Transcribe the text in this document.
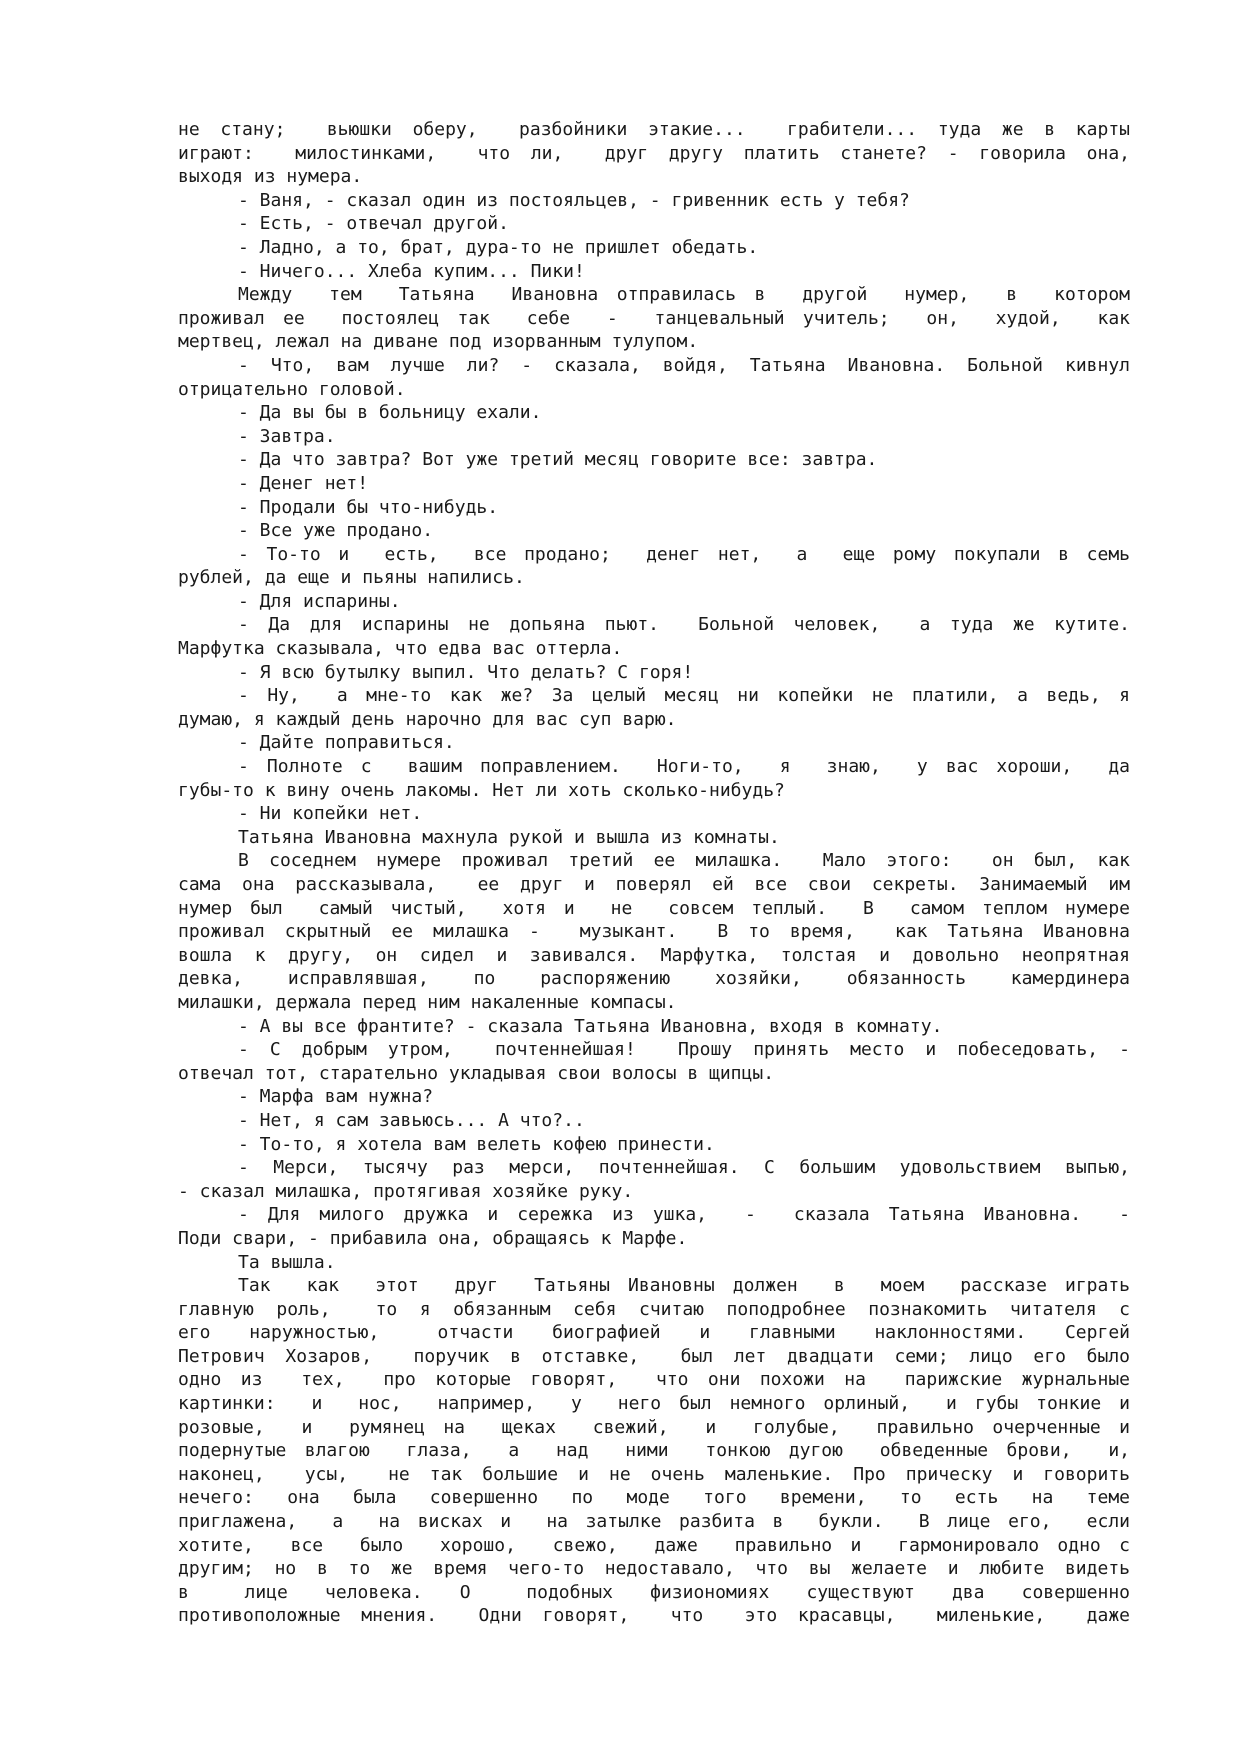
не стану;  вьюшки оберу,  разбойники этакие...  грабители... туда же в карты
играют:  милостинками,  что ли,  друг другу платить станете? - говорила она,
выходя из нумера.
- Ваня, - сказал один из постояльцев, - гривенник есть у тебя?
- Есть, - отвечал другой.
- Ладно, а то, брат, дура-то не пришлет обедать.
- Ничего... Хлеба купим... Пики!
Между  тем  Татьяна  Ивановна отправилась в  другой  нумер,  в  котором
проживал ее  постоялец так  себе  -  танцевальный учитель;  он,  худой,  как
мертвец, лежал на диване под изорванным тулупом.
- Что, вам лучше ли? - сказала, войдя, Татьяна Ивановна. Больной кивнул
отрицательно головой.
- Да вы бы в больницу ехали.
- Завтра.
- Да что завтра? Вот уже третий месяц говорите все: завтра.
- Денег нет!
- Продали бы что-нибудь.
- Все уже продано.
- То-то и  есть,  все продано;  денег нет,  а  еще рому покупали в семь
рублей, да еще и пьяны напились.
- Для испарины.
- Да для испарины не допьяна пьют.  Больной человек,  а туда же кутите.
Марфутка сказывала, что едва вас оттерла.
- Я всю бутылку выпил. Что делать? С горя!
- Ну,  а мне-то как же? За целый месяц ни копейки не платили, а ведь, я
думаю, я каждый день нарочно для вас суп варю.
- Дайте поправиться.
- Полноте с  вашим поправлением.  Ноги-то,  я  знаю,  у вас хороши,  да
губы-то к вину очень лакомы. Нет ли хоть сколько-нибудь?
- Ни копейки нет.
Татьяна Ивановна махнула рукой и вышла из комнаты.
В соседнем нумере проживал третий ее милашка.  Мало этого:  он был, как
сама она рассказывала,  ее друг и поверял ей все свои секреты. Занимаемый им
нумер был  самый чистый,  хотя и  не  совсем теплый.  В  самом теплом нумере
проживал скрытный ее милашка -  музыкант.  В то время,  как Татьяна Ивановна
вошла к другу, он сидел и завивался. Марфутка, толстая и довольно неопрятная
девка,  исправлявшая,  по  распоряжению  хозяйки,  обязанность  камердинера
милашки, держала перед ним накаленные компасы.
- А вы все франтите? - сказала Татьяна Ивановна, входя в комнату.
- С добрым утром,  почтеннейшая!  Прошу принять место и побеседовать, -
отвечал тот, старательно укладывая свои волосы в щипцы.
- Марфа вам нужна?
- Нет, я сам завьюсь... А что?..
- То-то, я хотела вам велеть кофею принести.
- Мерси, тысячу раз мерси, почтеннейшая. С большим удовольствием выпью,
- сказал милашка, протягивая хозяйке руку.
- Для милого дружка и сережка из ушка,  -  сказала Татьяна Ивановна.  -
Поди свари, - прибавила она, обращаясь к Марфе.
Та вышла.
Так  как  этот  друг  Татьяны Ивановны должен  в  моем  рассказе играть
главную роль,  то я обязанным себя считаю поподробнее познакомить читателя с
его  наружностью,   отчасти  биографией  и  главными  наклонностями.  Сергей
Петрович Хозаров,  поручик в отставке,  был лет двадцати семи; лицо его было
одно из  тех,  про которые говорят,  что они похожи на  парижские журнальные
картинки:  и  нос,  например,  у  него был немного орлиный,  и губы тонкие и
розовые,  и  румянец на  щеках  свежий,  и  голубые,  правильно очерченные и
подернутые влагою  глаза,  а  над  ними  тонкою дугою  обведенные брови,  и,
наконец,  усы,  не так большие и не очень маленькие. Про прическу и говорить
нечего:  она  была  совершенно  по  моде  того  времени,  то  есть  на  теме
приглажена,  а  на висках и  на затылке разбита в  букли.  В лице его,  если
хотите,  все  было  хорошо,  свежо,  даже  правильно и  гармонировало одно с
другим; но в то же время чего-то недоставало, что вы желаете и любите видеть
в   лице  человека.  О   подобных  физиономиях  существуют  два  совершенно
противоположные мнения.  Одни говорят,  что  это красавцы,  миленькие,  даже
